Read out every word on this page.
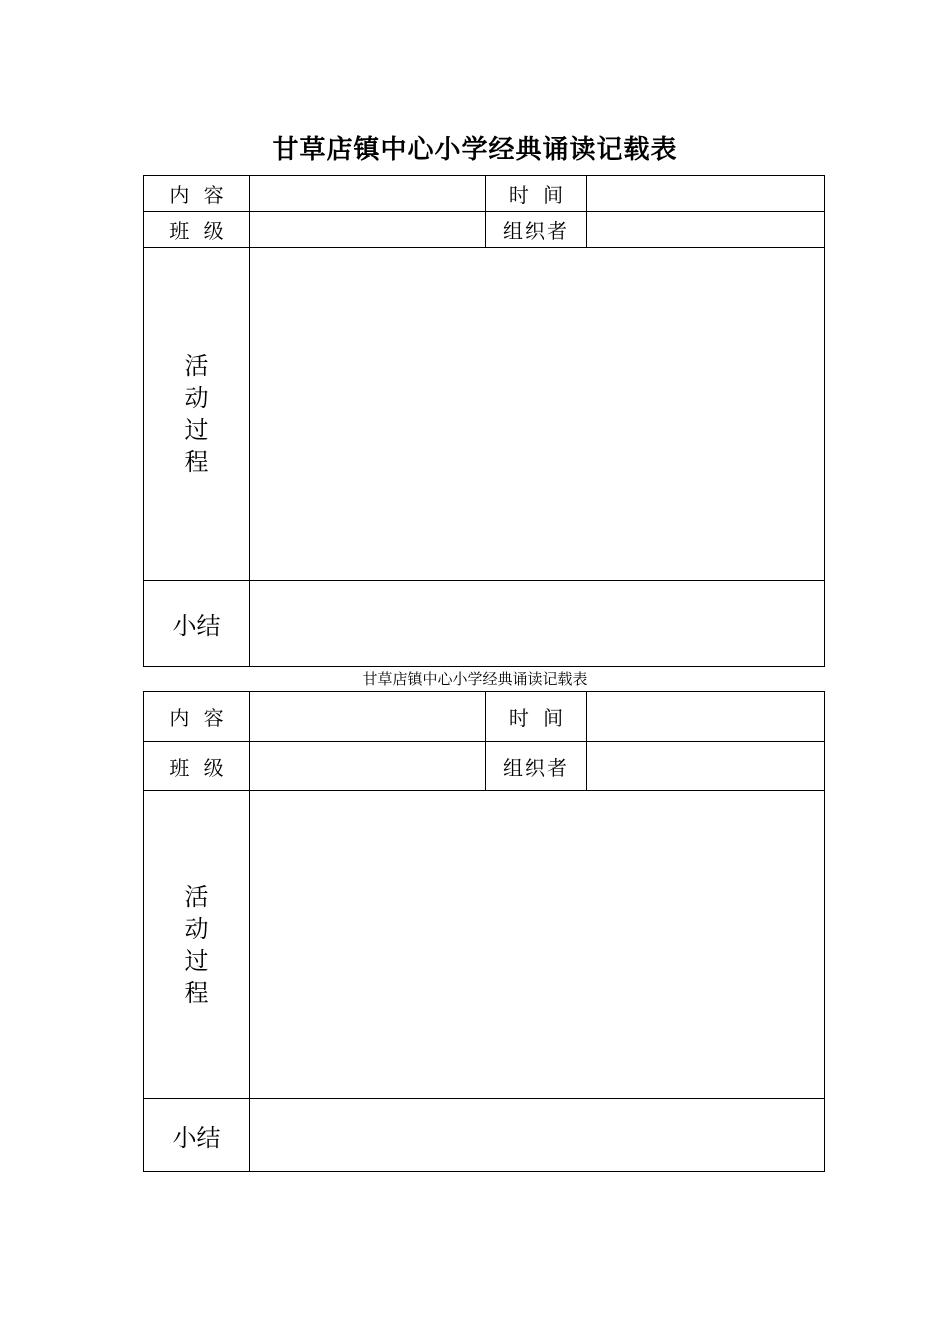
甘草店镇中心小学经典诵读记载表
内 容		时 间	
班 级		组织者	
活动过程			
小结			
甘草店镇中心小学经典诵读记载表
内 容		时 间	
班 级		组织者	
活动过程			
小结			
